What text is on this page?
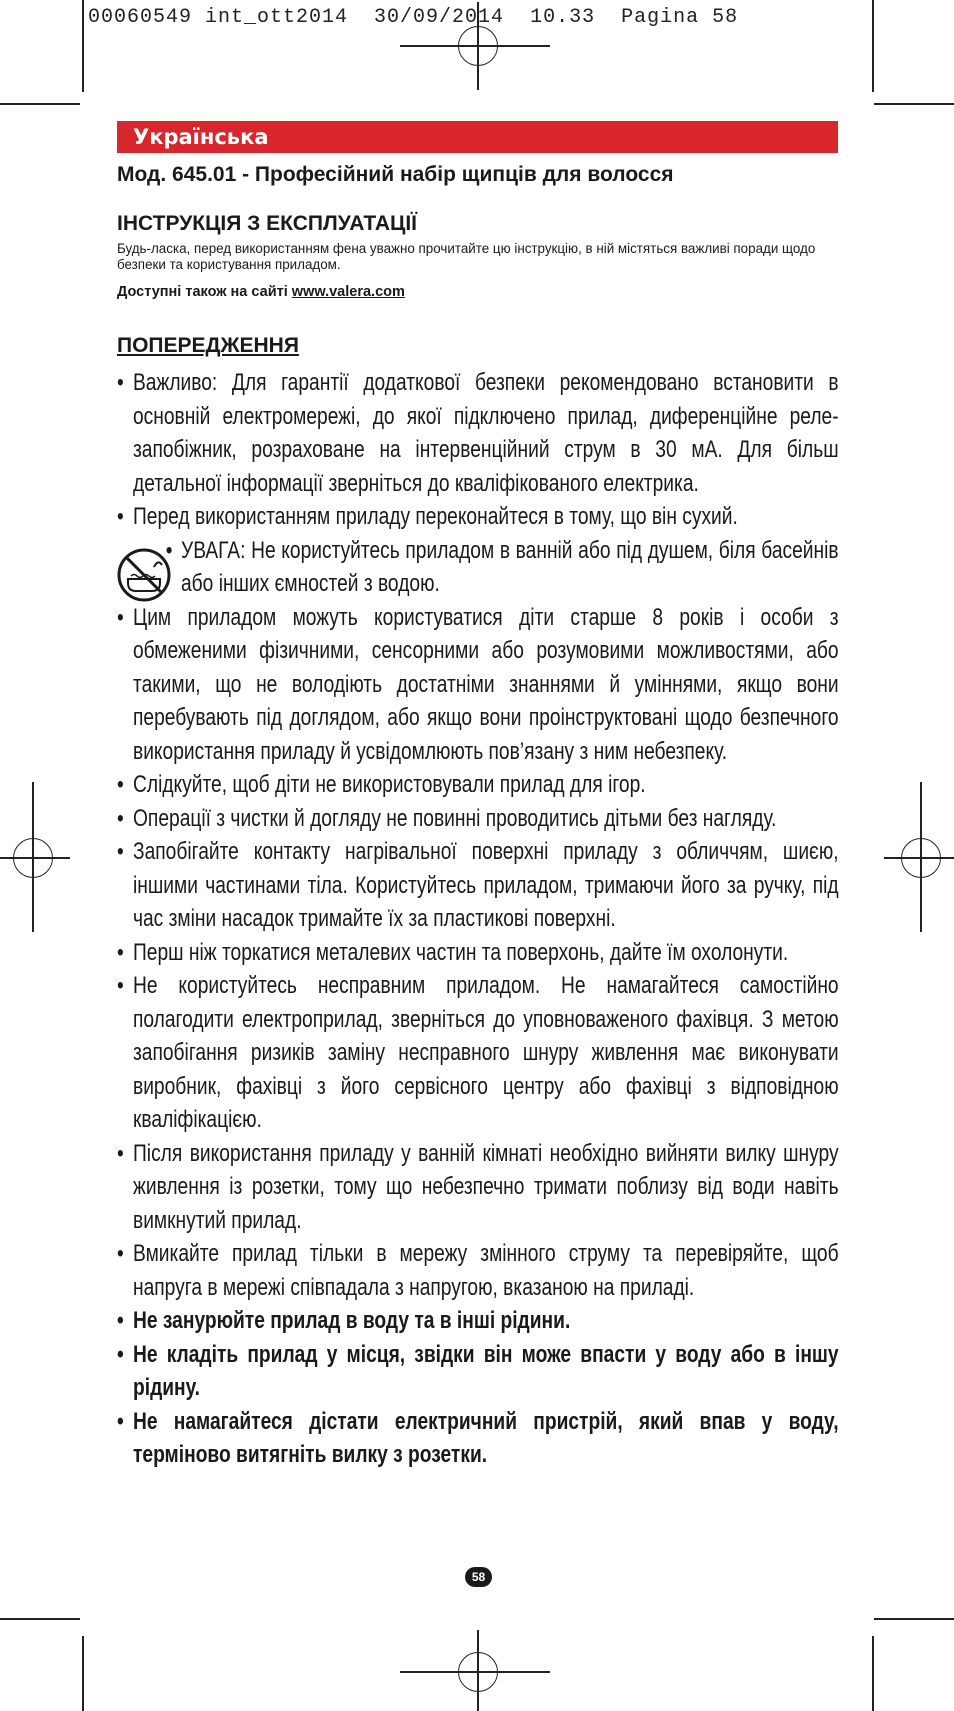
00060549 int_ott2014  30/09/2014  10.33  Pagina 58
Українська
Мод. 645.01 - Професійний набір щипців для волосся
ІНСТРУКЦІЯ З ЕКСПЛУАТАЦІЇ
Будь-ласка, перед використанням фена уважно прочитайте цю інструкцію, в ній містяться важливі поради щодо безпеки та користування приладом.
Доступні також на сайті www.valera.com
ПОПЕРЕДЖЕННЯ
• Важливо: Для гарантії додаткової безпеки рекомендовано встановити в основній електромережі, до якої підключено прилад, диференційне реле-запобіжник, розраховане на інтервенційний струм в 30 мА. Для більш детальної інформації зверніться до кваліфікованого електрика.
• Перед використанням приладу переконайтеся в тому, що він сухий.
• УВАГА: Не користуйтесь приладом в ванній або під душем, біля басейнів або інших ємностей з водою.
• Цим приладом можуть користуватися діти старше 8 років і особи з обмеженими фізичними, сенсорними або розумовими можливостями, або такими, що не володіють достатніми знаннями й уміннями, якщо вони перебувають під доглядом, або якщо вони проінструктовані щодо безпечного використання приладу й усвідомлюють пов’язану з ним небезпеку.
• Слідкуйте, щоб діти не використовували прилад для ігор.
• Операції з чистки й догляду не повинні проводитись дітьми без нагляду.
• Запобігайте контакту нагрівальної поверхні приладу з обличчям, шиєю, іншими частинами тіла. Користуйтесь приладом, тримаючи його за ручку, під час зміни насадок тримайте їх за пластикові поверхні.
• Перш ніж торкатися металевих частин та поверхонь, дайте їм охолонути.
• Не користуйтесь несправним приладом. Не намагайтеся самостійно полагодити електроприлад, зверніться до уповноваженого фахівця. З метою запобігання ризиків заміну несправного шнуру живлення має виконувати виробник, фахівці з його сервісного центру або фахівці з відповідною кваліфікацією.
• Після використання приладу у ванній кімнаті необхідно вийняти вилку шнуру живлення із розетки, тому що небезпечно тримати поблизу від води навіть вимкнутий прилад.
• Вмикайте прилад тільки в мережу змінного струму та перевіряйте, щоб напруга в мережі співпадала з напругою, вказаною на приладі.
• Не занурюйте прилад в воду та в інші рідини.
• Не кладіть прилад у місця, звідки він може впасти у воду або в іншу рідину.
• Не намагайтеся дістати електричний пристрій, який впав у воду, терміново витягніть вилку з розетки.
58
